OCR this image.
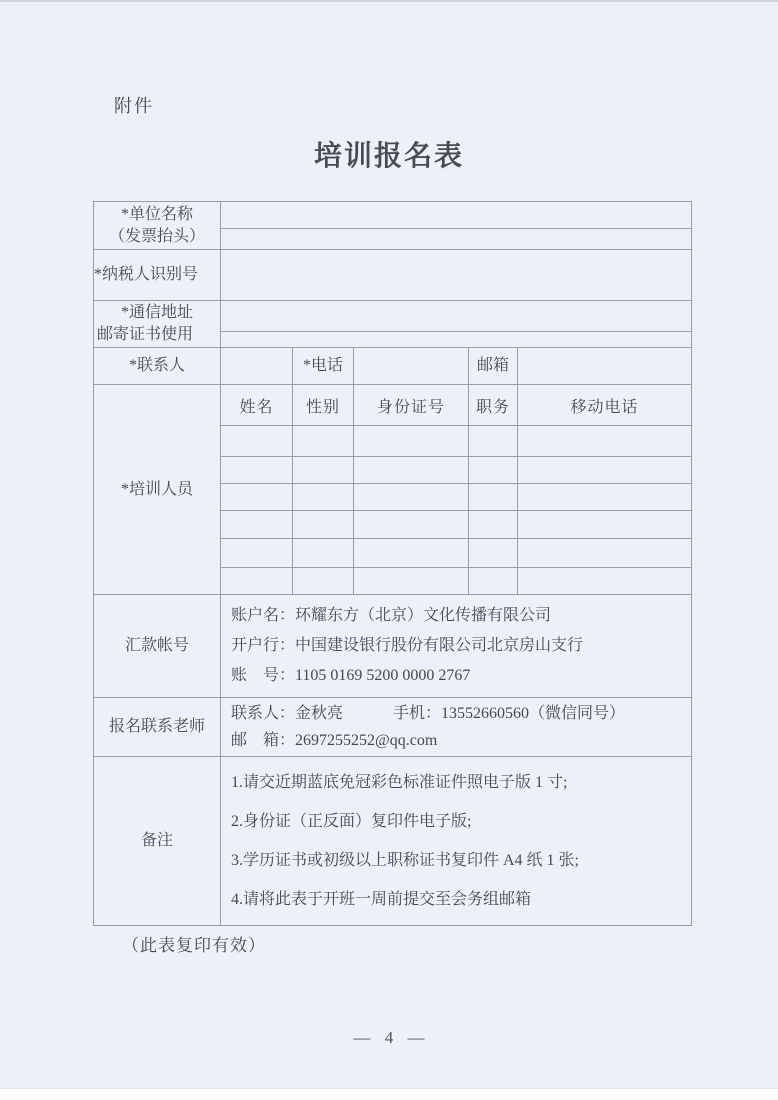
附件
培训报名表
*单位名称
（发票抬头）					

*纳税人识别号					

*通信地址
邮寄证书使用					

*联系人		*电话		邮箱	
*培训人员	姓名	性别	身份证号	职务	移动电话

汇款帐号	账户名：环耀东方（北京）文化传播有限公司
开户行：中国建设银行股份有限公司北京房山支行
账　号：1105 0169 5200 0000 2767				

报名联系老师	联系人：金秋亮 手机：13552660560（微信同号）
邮　箱：2697255252@qq.com				

备注	1.请交近期蓝底免冠彩色标准证件照电子版 1 寸;
2.身份证（正反面）复印件电子版;
3.学历证书或初级以上职称证书复印件 A4 纸 1 张;
4.请将此表于开班一周前提交至会务组邮箱				
（此表复印有效）
— 4 —
